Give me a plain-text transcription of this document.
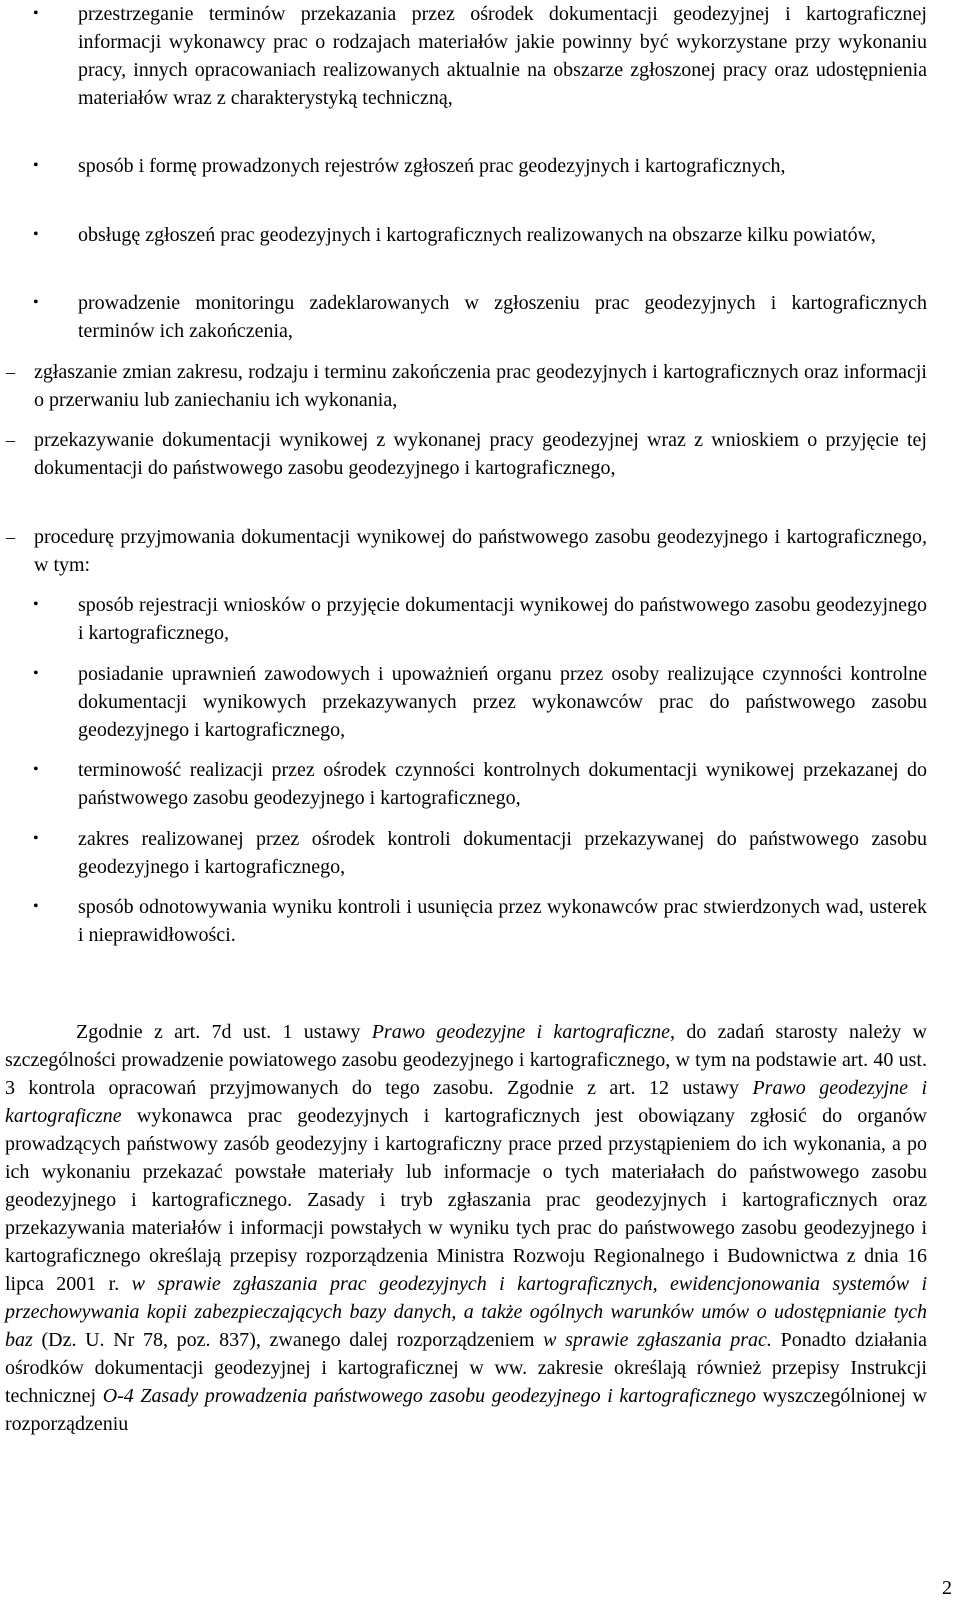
• przestrzeganie terminów przekazania przez ośrodek dokumentacji geodezyjnej i kartograficznej informacji wykonawcy prac o rodzajach materiałów jakie powinny być wykorzystane przy wykonaniu pracy, innych opracowaniach realizowanych aktualnie na obszarze zgłoszonej pracy oraz udostępnienia materiałów wraz z charakterystyką techniczną,
• sposób i formę prowadzonych rejestrów zgłoszeń prac geodezyjnych i kartograficznych,
• obsługę zgłoszeń prac geodezyjnych i kartograficznych realizowanych na obszarze kilku powiatów,
• prowadzenie monitoringu zadeklarowanych w zgłoszeniu prac geodezyjnych i kartograficznych terminów ich zakończenia,
– zgłaszanie zmian zakresu, rodzaju i terminu zakończenia prac geodezyjnych i kartograficznych oraz informacji o przerwaniu lub zaniechaniu ich wykonania,
– przekazywanie dokumentacji wynikowej z wykonanej pracy geodezyjnej wraz z wnioskiem o przyjęcie tej dokumentacji do państwowego zasobu geodezyjnego i kartograficznego,
– procedurę przyjmowania dokumentacji wynikowej do państwowego zasobu geodezyjnego i kartograficznego, w tym:
• sposób rejestracji wniosków o przyjęcie dokumentacji wynikowej do państwowego zasobu geodezyjnego i kartograficznego,
• posiadanie uprawnień zawodowych i upoważnień organu przez osoby realizujące czynności kontrolne dokumentacji wynikowych przekazywanych przez wykonawców prac do państwowego zasobu geodezyjnego i kartograficznego,
• terminowość realizacji przez ośrodek czynności kontrolnych dokumentacji wynikowej przekazanej do państwowego zasobu geodezyjnego i kartograficznego,
• zakres realizowanej przez ośrodek kontroli dokumentacji przekazywanej do państwowego zasobu geodezyjnego i kartograficznego,
• sposób odnotowywania wyniku kontroli i usunięcia przez wykonawców prac stwierdzonych wad, usterek i nieprawidłowości.

Zgodnie z art. 7d ust. 1 ustawy Prawo geodezyjne i kartograficzne, do zadań starosty należy w szczególności prowadzenie powiatowego zasobu geodezyjnego i kartograficznego, w tym na podstawie art. 40 ust. 3 kontrola opracowań przyjmowanych do tego zasobu. Zgodnie z art. 12 ustawy Prawo geodezyjne i kartograficzne wykonawca prac geodezyjnych i kartograficznych jest obowiązany zgłosić do organów prowadzących państwowy zasób geodezyjny i kartograficzny prace przed przystąpieniem do ich wykonania, a po ich wykonaniu przekazać powstałe materiały lub informacje o tych materiałach do państwowego zasobu geodezyjnego i kartograficznego. Zasady i tryb zgłaszania prac geodezyjnych i kartograficznych oraz przekazywania materiałów i informacji powstałych w wyniku tych prac do państwowego zasobu geodezyjnego i kartograficznego określają przepisy rozporządzenia Ministra Rozwoju Regionalnego i Budownictwa z dnia 16 lipca 2001 r. w sprawie zgłaszania prac geodezyjnych i kartograficznych, ewidencjonowania systemów i przechowywania kopii zabezpieczających bazy danych, a także ogólnych warunków umów o udostępnianie tych baz (Dz. U. Nr 78, poz. 837), zwanego dalej rozporządzeniem w sprawie zgłaszania prac. Ponadto działania ośrodków dokumentacji geodezyjnej i kartograficznej w ww. zakresie określają również przepisy Instrukcji technicznej O-4 Zasady prowadzenia państwowego zasobu geodezyjnego i kartograficznego wyszczególnionej w rozporządzeniu

2
